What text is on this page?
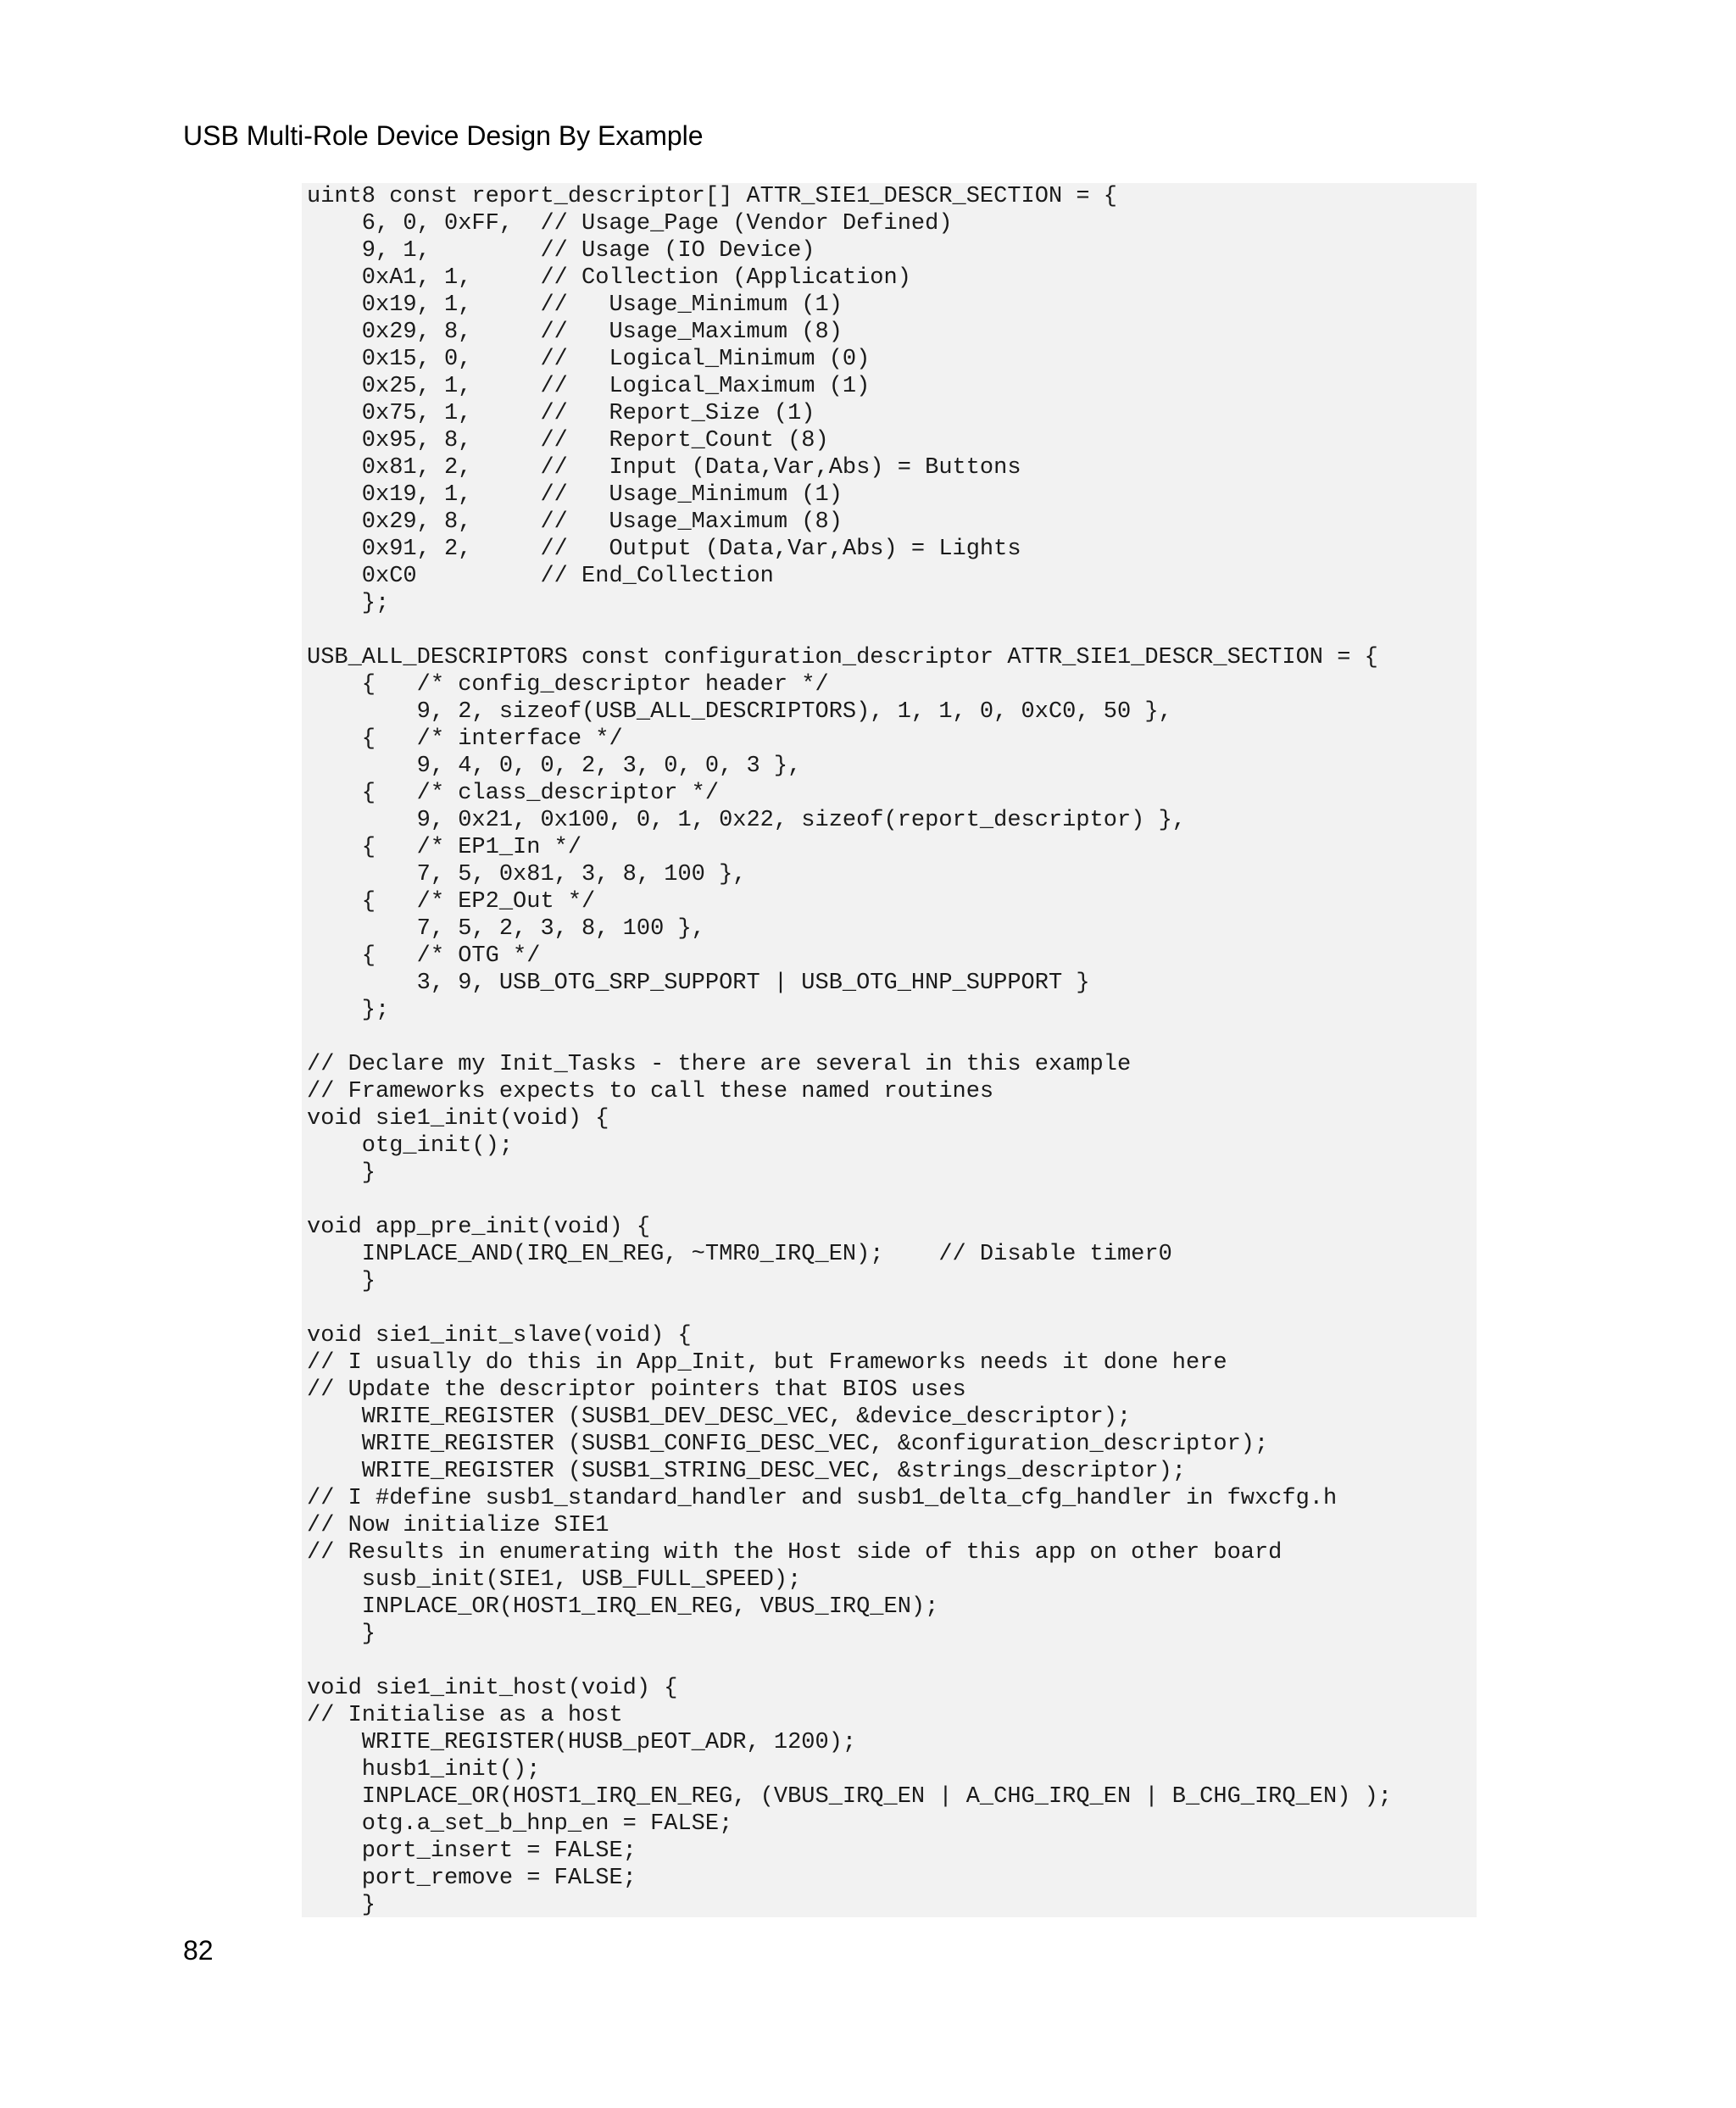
USB Multi-Role Device Design By Example
uint8 const report_descriptor[] ATTR_SIE1_DESCR_SECTION = {
6, 0, 0xFF,  // Usage_Page (Vendor Defined)
9, 1,        // Usage (IO Device)
0xA1, 1,     // Collection (Application)
0x19, 1,     //   Usage_Minimum (1)
0x29, 8,     //   Usage_Maximum (8)
0x15, 0,     //   Logical_Minimum (0)
0x25, 1,     //   Logical_Maximum (1)
0x75, 1,     //   Report_Size (1)
0x95, 8,     //   Report_Count (8)
0x81, 2,     //   Input (Data,Var,Abs) = Buttons
0x19, 1,     //   Usage_Minimum (1)
0x29, 8,     //   Usage_Maximum (8)
0x91, 2,     //   Output (Data,Var,Abs) = Lights
0xC0         // End_Collection
};
USB_ALL_DESCRIPTORS const configuration_descriptor ATTR_SIE1_DESCR_SECTION = {
{   /* config_descriptor header */
9, 2, sizeof(USB_ALL_DESCRIPTORS), 1, 1, 0, 0xC0, 50 },
{   /* interface */
9, 4, 0, 0, 2, 3, 0, 0, 3 },
{   /* class_descriptor */
9, 0x21, 0x100, 0, 1, 0x22, sizeof(report_descriptor) },
{   /* EP1_In */
7, 5, 0x81, 3, 8, 100 },
{   /* EP2_Out */
7, 5, 2, 3, 8, 100 },
{   /* OTG */
3, 9, USB_OTG_SRP_SUPPORT | USB_OTG_HNP_SUPPORT }
};
// Declare my Init_Tasks - there are several in this example
// Frameworks expects to call these named routines
void sie1_init(void) {
otg_init();
}
void app_pre_init(void) {
INPLACE_AND(IRQ_EN_REG, ~TMR0_IRQ_EN);    // Disable timer0
}
void sie1_init_slave(void) {
// I usually do this in App_Init, but Frameworks needs it done here
// Update the descriptor pointers that BIOS uses
WRITE_REGISTER (SUSB1_DEV_DESC_VEC, &device_descriptor);
WRITE_REGISTER (SUSB1_CONFIG_DESC_VEC, &configuration_descriptor);
WRITE_REGISTER (SUSB1_STRING_DESC_VEC, &strings_descriptor);
// I #define susb1_standard_handler and susb1_delta_cfg_handler in fwxcfg.h
// Now initialize SIE1
// Results in enumerating with the Host side of this app on other board
susb_init(SIE1, USB_FULL_SPEED);
INPLACE_OR(HOST1_IRQ_EN_REG, VBUS_IRQ_EN);
}
void sie1_init_host(void) {
// Initialise as a host
WRITE_REGISTER(HUSB_pEOT_ADR, 1200);
husb1_init();
INPLACE_OR(HOST1_IRQ_EN_REG, (VBUS_IRQ_EN | A_CHG_IRQ_EN | B_CHG_IRQ_EN) );
otg.a_set_b_hnp_en = FALSE;
port_insert = FALSE;
port_remove = FALSE;
}
82
